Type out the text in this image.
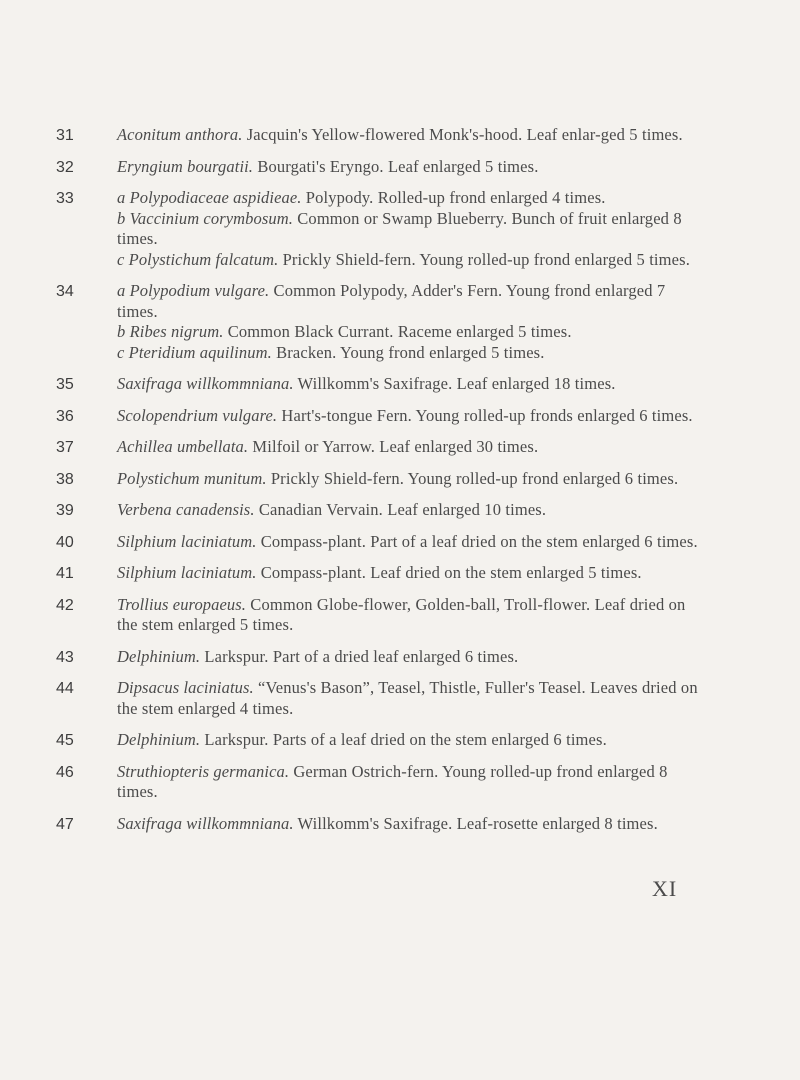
31	Aconitum anthora. Jacquin's Yellow-flowered Monk's-hood. Leaf enlar-ged 5 times.
32	Eryngium bourgatii. Bourgati's Eryngo. Leaf enlarged 5 times.
33	a Polypodiaceae aspidieae. Polypody. Rolled-up frond enlarged 4 times.
b Vaccinium corymbosum. Common or Swamp Blueberry. Bunch of fruit enlarged 8 times.
c Polystichum falcatum. Prickly Shield-fern. Young rolled-up frond enlarged 5 times.
34	a Polypodium vulgare. Common Polypody, Adder's Fern. Young frond enlarged 7 times.
b Ribes nigrum. Common Black Currant. Raceme enlarged 5 times.
c Pteridium aquilinum. Bracken. Young frond enlarged 5 times.
35	Saxifraga willkommniana. Willkomm's Saxifrage. Leaf enlarged 18 times.
36	Scolopendrium vulgare. Hart's-tongue Fern. Young rolled-up fronds enlarged 6 times.
37	Achillea umbellata. Milfoil or Yarrow. Leaf enlarged 30 times.
38	Polystichum munitum. Prickly Shield-fern. Young rolled-up frond enlarged 6 times.
39	Verbena canadensis. Canadian Vervain. Leaf enlarged 10 times.
40	Silphium laciniatum. Compass-plant. Part of a leaf dried on the stem enlarged 6 times.
41	Silphium laciniatum. Compass-plant. Leaf dried on the stem enlarged 5 times.
42	Trollius europaeus. Common Globe-flower, Golden-ball, Troll-flower. Leaf dried on the stem enlarged 5 times.
43	Delphinium. Larkspur. Part of a dried leaf enlarged 6 times.
44	Dipsacus laciniatus. “Venus's Bason”, Teasel, Thistle, Fuller's Teasel. Leaves dried on the stem enlarged 4 times.
45	Delphinium. Larkspur. Parts of a leaf dried on the stem enlarged 6 times.
46	Struthiopteris germanica. German Ostrich-fern. Young rolled-up frond enlarged 8 times.
47	Saxifraga willkommniana. Willkomm's Saxifrage. Leaf-rosette enlarged 8 times.
XI
